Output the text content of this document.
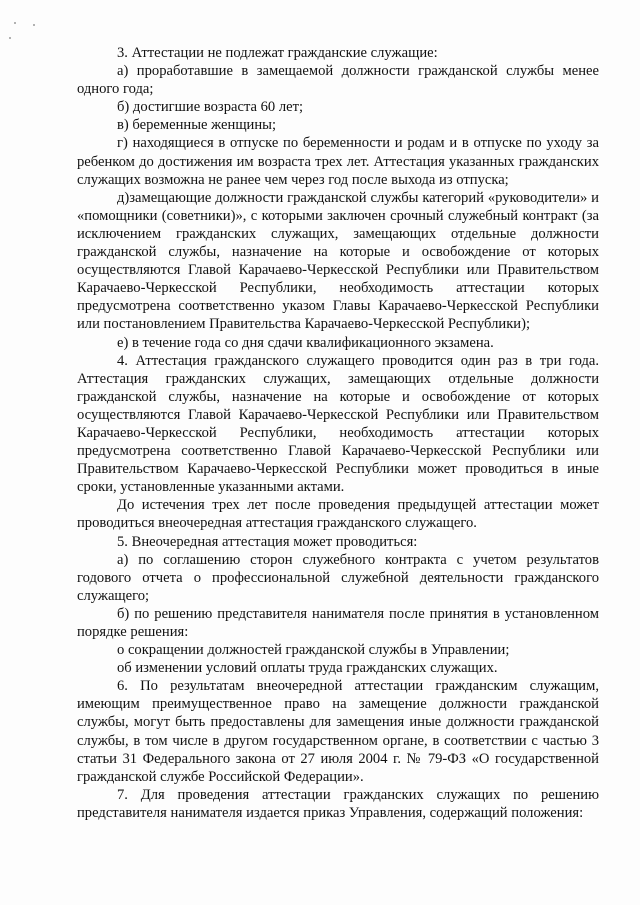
3. Аттестации не подлежат гражданские служащие:

а) проработавшие в замещаемой должности гражданской службы менее одного года;

б) достигшие возраста 60 лет;

в) беременные женщины;

г) находящиеся в отпуске по беременности и родам и в отпуске по уходу за ребенком до достижения им возраста трех лет. Аттестация указанных гражданских служащих возможна не ранее чем через год после выхода из отпуска;

д)замещающие должности гражданской службы категорий «руководители» и «помощники (советники)», с которыми заключен срочный служебный контракт (за исключением гражданских служащих, замещающих отдельные должности гражданской службы, назначение на которые и освобождение от которых осуществляются Главой Карачаево-Черкесской Республики или Правительством Карачаево-Черкесской Республики, необходимость аттестации которых предусмотрена соответственно указом Главы Карачаево-Черкесской Республики или постановлением Правительства Карачаево-Черкесской Республики);

е) в течение года со дня сдачи квалификационного экзамена.

4. Аттестация гражданского служащего проводится один раз в три года. Аттестация гражданских служащих, замещающих отдельные должности гражданской службы, назначение на которые и освобождение от которых осуществляются Главой Карачаево-Черкесской Республики или Правительством Карачаево-Черкесской Республики, необходимость аттестации которых предусмотрена соответственно Главой Карачаево-Черкесской Республики или Правительством Карачаево-Черкесской Республики может проводиться в иные сроки, установленные указанными актами.

До истечения трех лет после проведения предыдущей аттестации может проводиться внеочередная аттестация гражданского служащего.

5. Внеочередная аттестация может проводиться:

а) по соглашению сторон служебного контракта с учетом результатов годового отчета о профессиональной служебной деятельности гражданского служащего;

б) по решению представителя нанимателя после принятия в установленном порядке решения:

о сокращении должностей гражданской службы в Управлении;

об изменении условий оплаты труда гражданских служащих.

6. По результатам внеочередной аттестации гражданским служащим, имеющим преимущественное право на замещение должности гражданской службы, могут быть предоставлены для замещения иные должности гражданской службы, в том числе в другом государственном органе, в соответствии с частью 3 статьи 31 Федерального закона от 27 июля 2004 г. № 79-ФЗ «О государственной гражданской службе Российской Федерации».

7. Для проведения аттестации гражданских служащих по решению представителя нанимателя издается приказ Управления, содержащий положения:
